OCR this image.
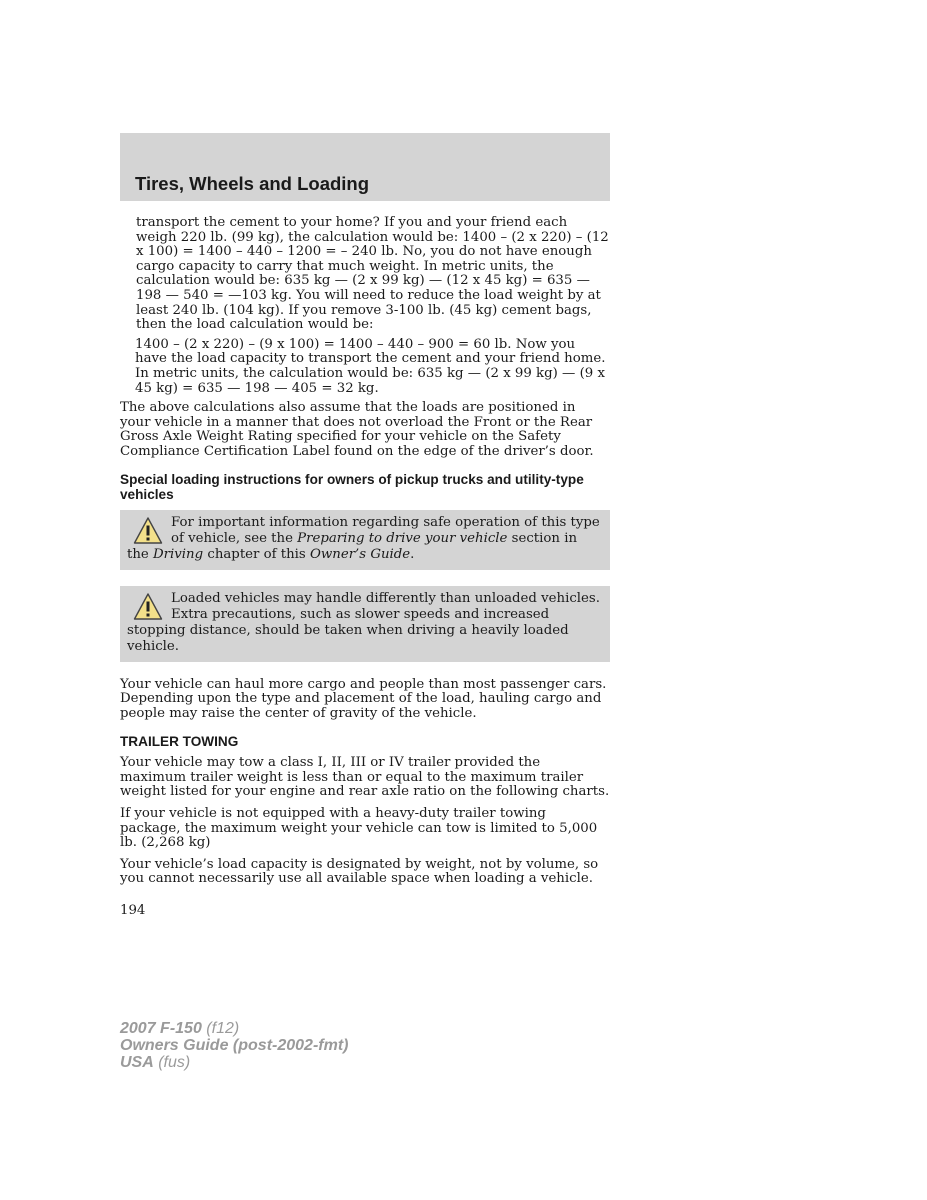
Tires, Wheels and Loading

transport the cement to your home? If you and your friend each weigh 220 lb. (99 kg), the calculation would be: 1400 – (2 x 220) – (12 x 100) = 1400 – 440 – 1200 = – 240 lb. No, you do not have enough cargo capacity to carry that much weight. In metric units, the calculation would be: 635 kg — (2 x 99 kg) — (12 x 45 kg) = 635 — 198 — 540 = —103 kg. You will need to reduce the load weight by at least 240 lb. (104 kg). If you remove 3-100 lb. (45 kg) cement bags, then the load calculation would be:

1400 – (2 x 220) – (9 x 100) = 1400 – 440 – 900 = 60 lb. Now you have the load capacity to transport the cement and your friend home. In metric units, the calculation would be: 635 kg — (2 x 99 kg) — (9 x 45 kg) = 635 — 198 — 405 = 32 kg.

The above calculations also assume that the loads are positioned in your vehicle in a manner that does not overload the Front or the Rear Gross Axle Weight Rating specified for your vehicle on the Safety Compliance Certification Label found on the edge of the driver’s door.

Special loading instructions for owners of pickup trucks and utility-type vehicles

For important information regarding safe operation of this type of vehicle, see the Preparing to drive your vehicle section in the Driving chapter of this Owner’s Guide.

Loaded vehicles may handle differently than unloaded vehicles. Extra precautions, such as slower speeds and increased stopping distance, should be taken when driving a heavily loaded vehicle.

Your vehicle can haul more cargo and people than most passenger cars. Depending upon the type and placement of the load, hauling cargo and people may raise the center of gravity of the vehicle.

TRAILER TOWING

Your vehicle may tow a class I, II, III or IV trailer provided the maximum trailer weight is less than or equal to the maximum trailer weight listed for your engine and rear axle ratio on the following charts.

If your vehicle is not equipped with a heavy-duty trailer towing package, the maximum weight your vehicle can tow is limited to 5,000 lb. (2,268 kg)

Your vehicle’s load capacity is designated by weight, not by volume, so you cannot necessarily use all available space when loading a vehicle.

194
2007 F-150 (f12)
Owners Guide (post-2002-fmt)
USA (fus)
